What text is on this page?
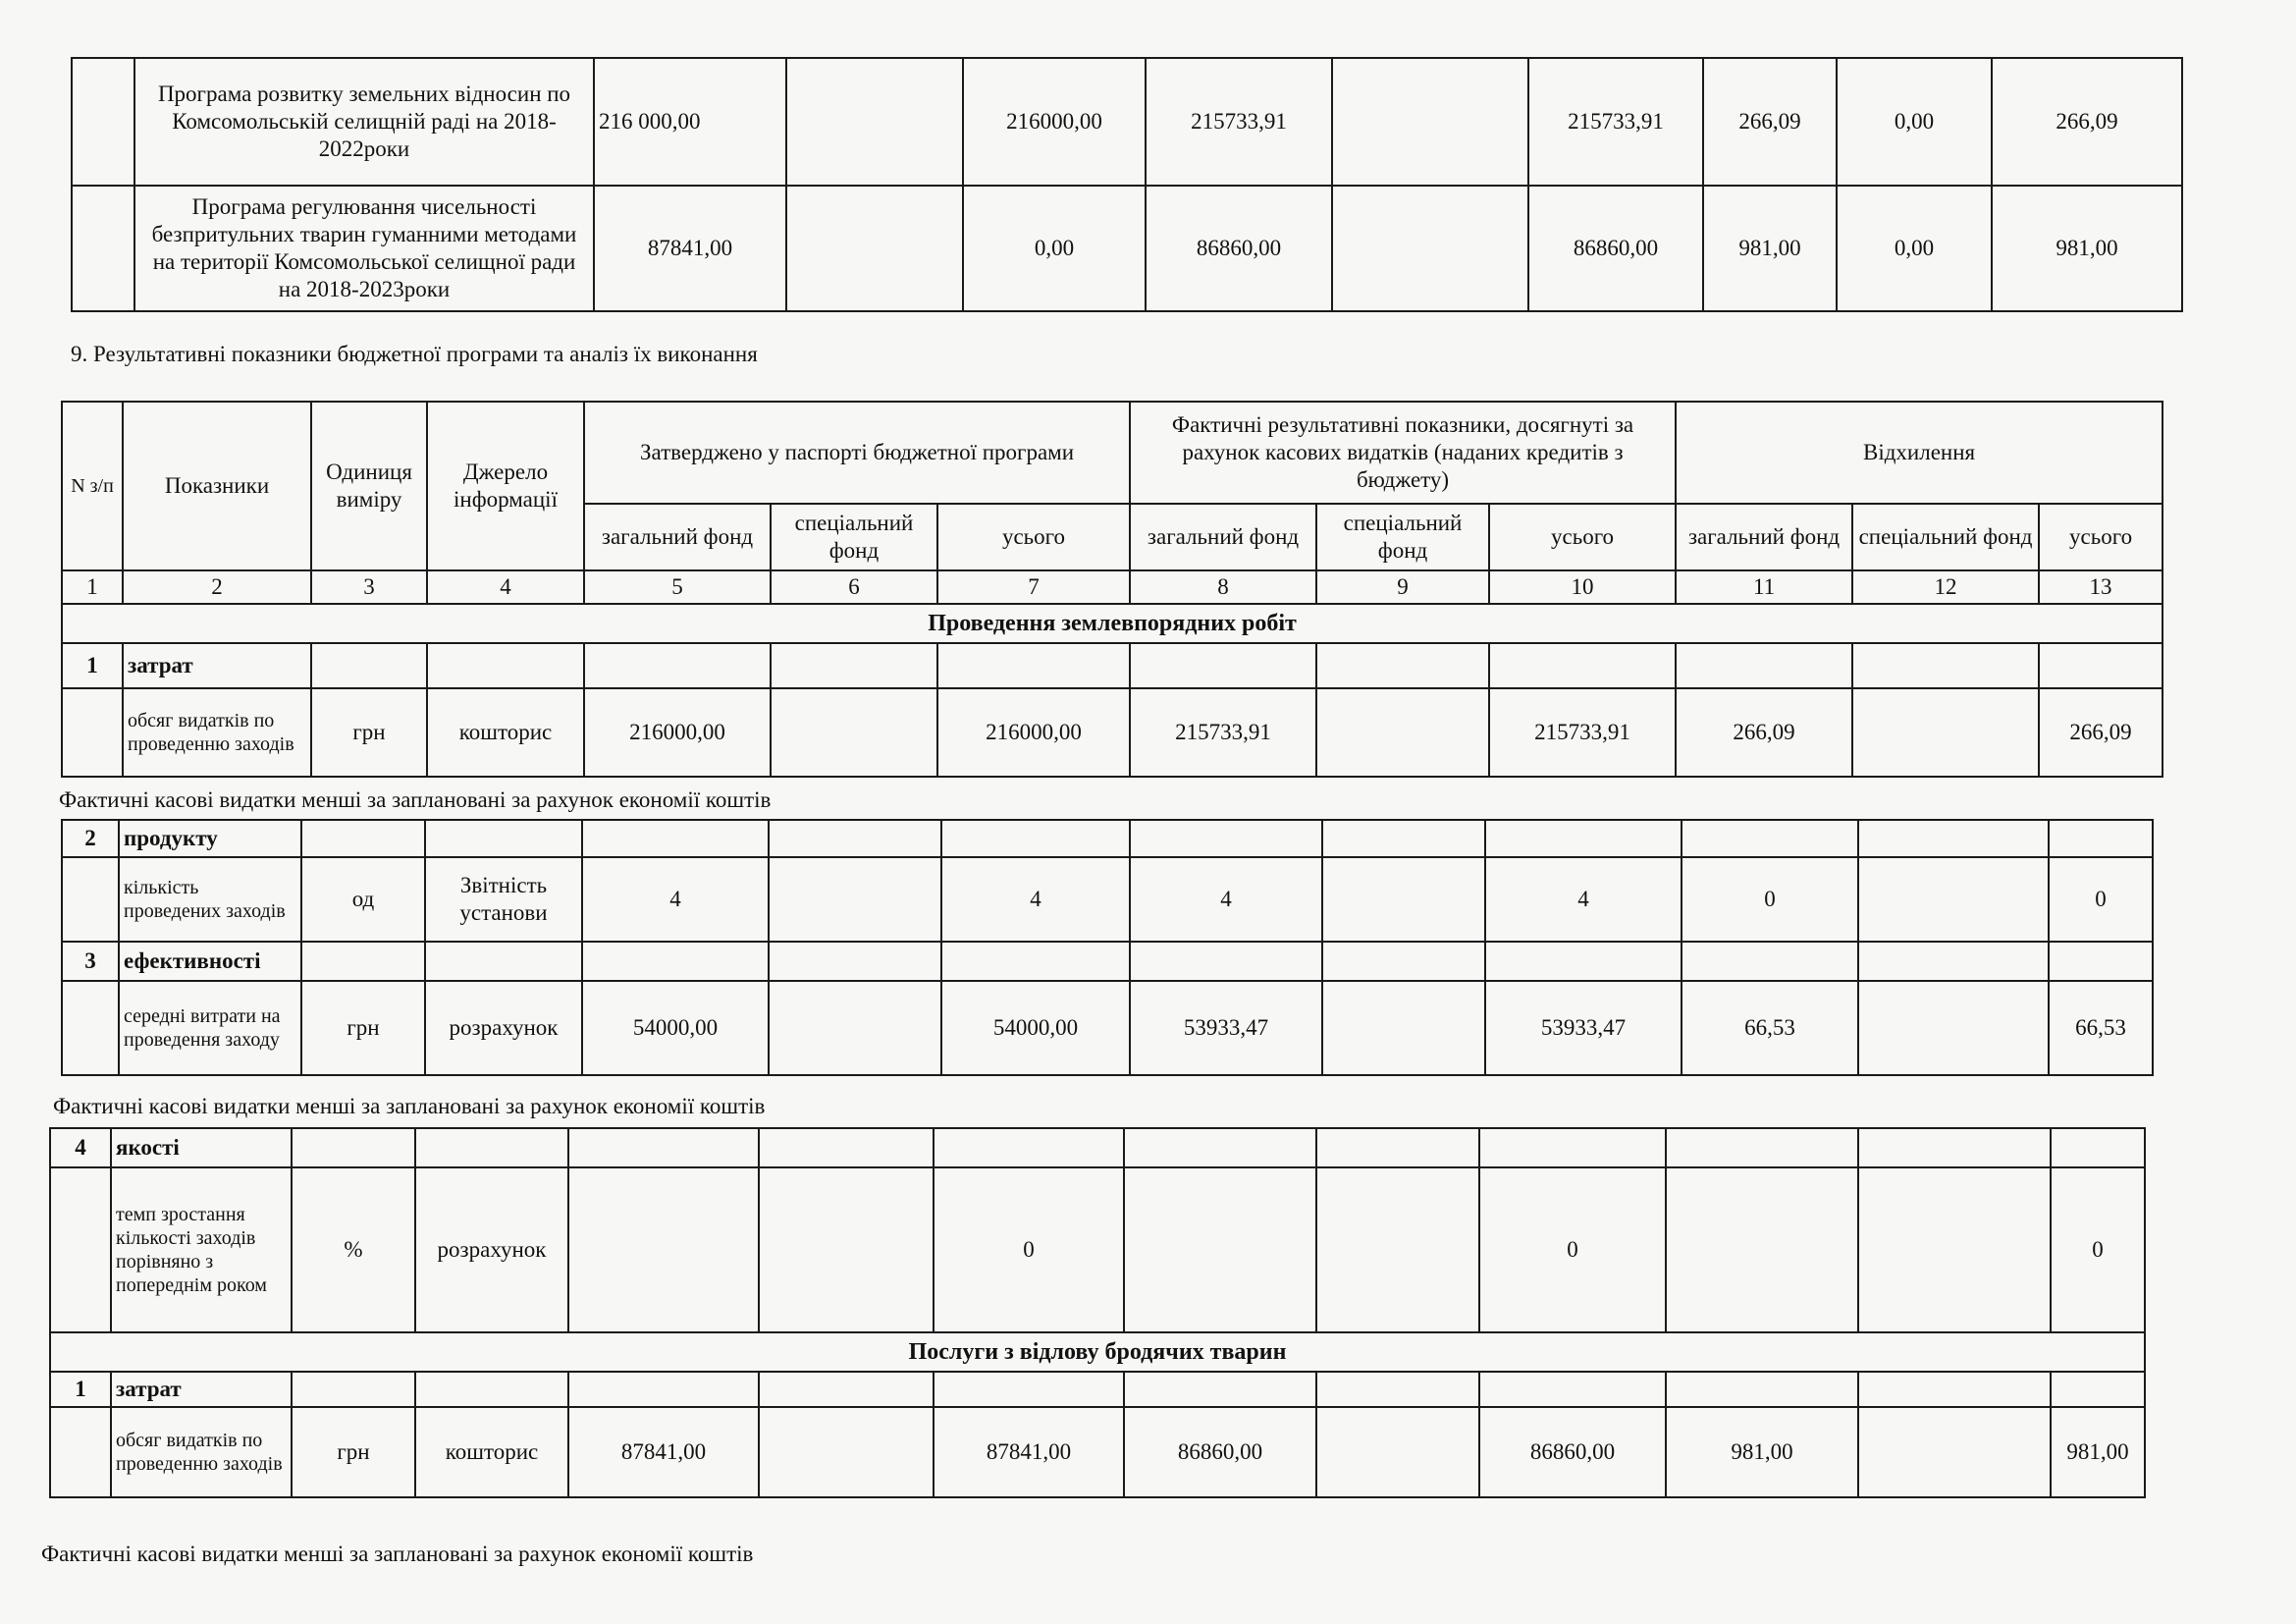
	Програма розвитку земельних відносин по Комсомольській селищній раді на 2018-2022роки	216 000,00		216000,00	215733,91		215733,91	266,09	0,00	266,09
	Програма регулювання чисельності безпритульних тварин гуманними методами на території Комсомольської селищної ради на 2018-2023роки	87841,00		0,00	86860,00		86860,00	981,00	0,00	981,00
9. Результативні показники бюджетної програми та аналіз їх виконання
N з/п	Показники	Одиниця виміру	Джерело інформації	Затверджено у паспорті бюджетної програми			Фактичні результативні показники, досягнуті за рахунок касових видатків (наданих кредитів з бюджету)			Відхилення		
				загальний фонд	спеціальний фонд	усього	загальний фонд	спеціальний фонд	усього	загальний фонд	спеціальний фонд	усього
1	2	3	4	5	6	7	8	9	10	11	12	13
Проведення землевпорядних робіт												
1	затрат											
	обсяг видатків по проведенню заходів	грн	кошторис	216000,00		216000,00	215733,91		215733,91	266,09		266,09
Фактичні касові видатки менші за заплановані за рахунок економії коштів
2	продукту											
	кількість проведених заходів	од	Звітність установи	4		4	4		4	0		0
3	ефективності											
	середні витрати на проведення заходу	грн	розрахунок	54000,00		54000,00	53933,47		53933,47	66,53		66,53
Фактичні касові видатки менші за заплановані за рахунок економії коштів
4	якості											
	темп зростання кількості заходів порівняно з попереднім роком	%	розрахунок			0			0			0
Послуги з відлову бродячих тварин												
1	затрат											
	обсяг видатків по проведенню заходів	грн	кошторис	87841,00		87841,00	86860,00		86860,00	981,00		981,00
Фактичні касові видатки менші за заплановані за рахунок економії коштів
